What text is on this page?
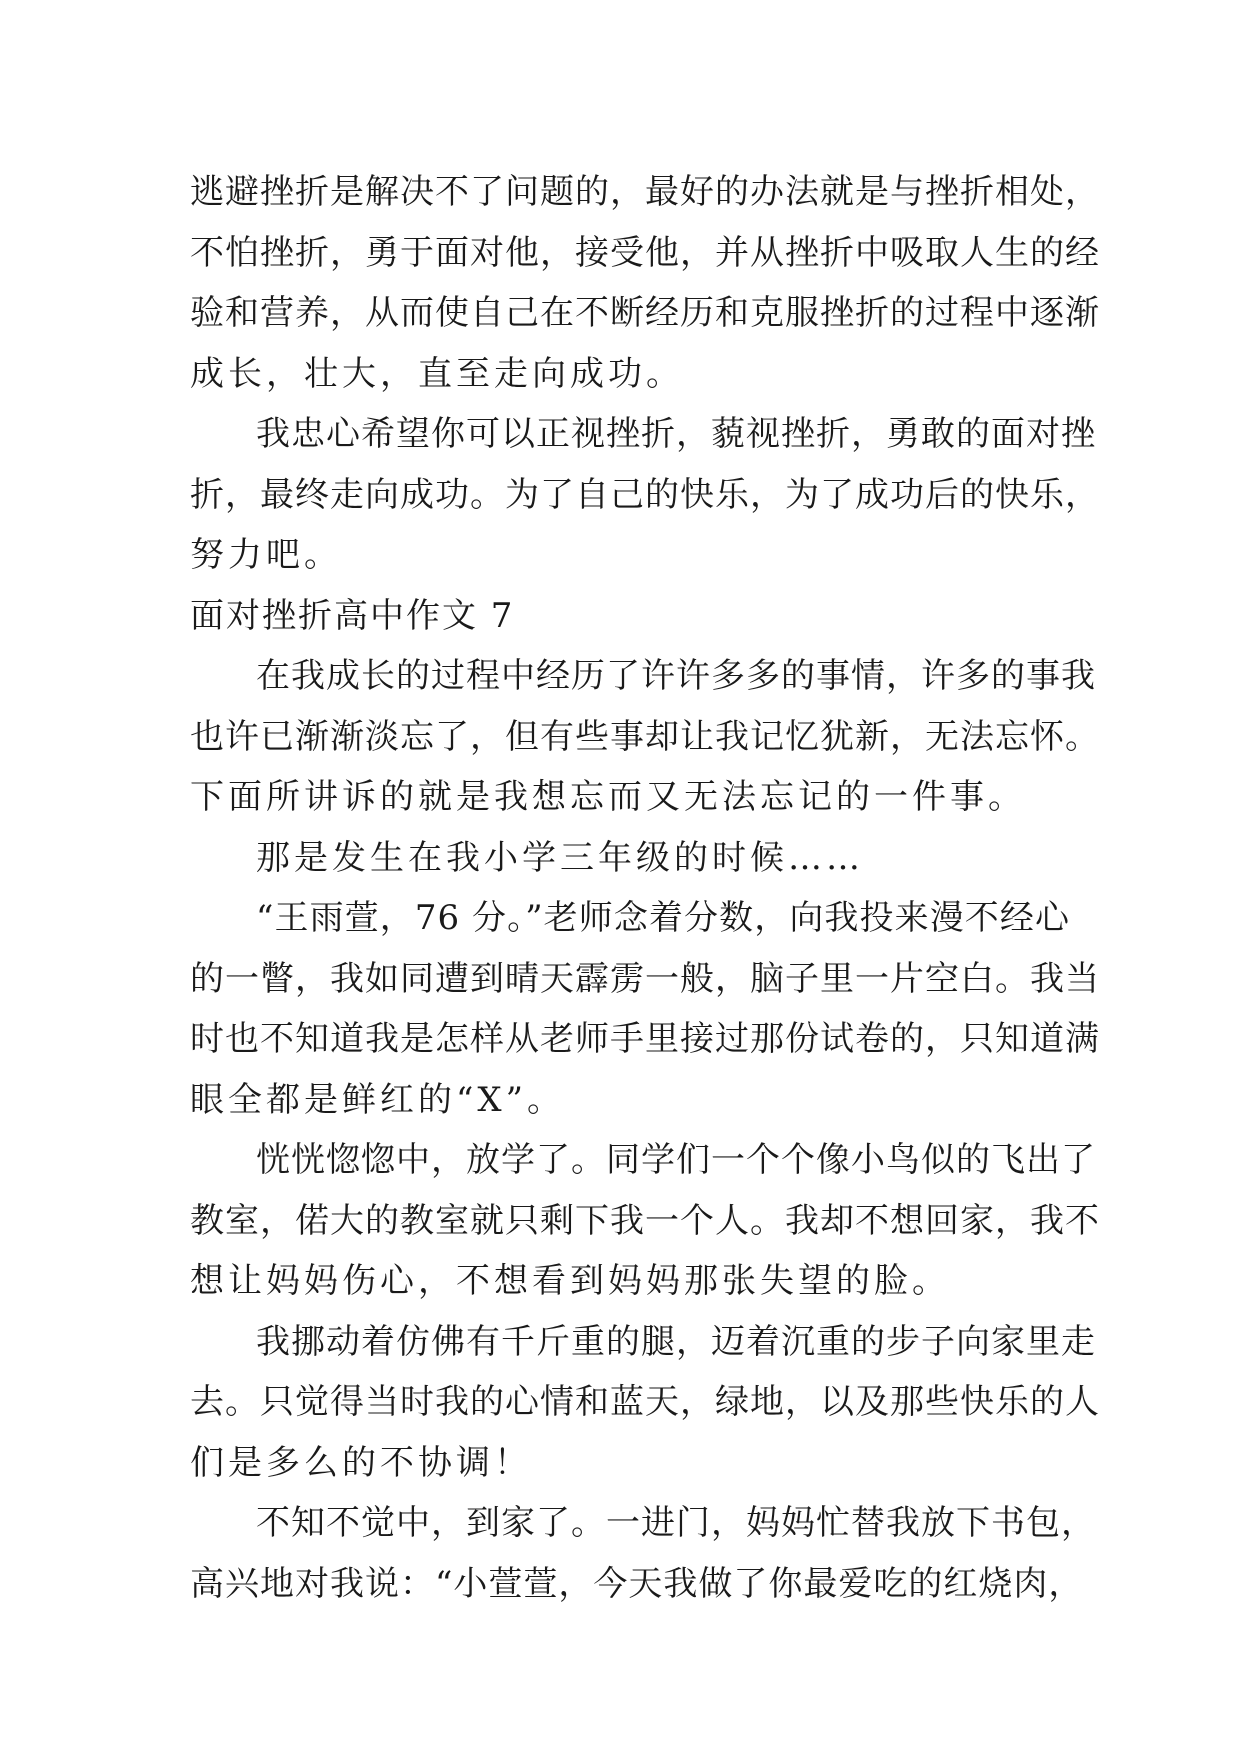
逃避挫折是解决不了问题的，最好的办法就是与挫折相处，
不怕挫折，勇于面对他，接受他，并从挫折中吸取人生的经
验和营养，从而使自己在不断经历和克服挫折的过程中逐渐
成长，壮大，直至走向成功。
我忠心希望你可以正视挫折，藐视挫折，勇敢的面对挫
折，最终走向成功。为了自己的快乐，为了成功后的快乐，
努力吧。
面对挫折高中作文 7
在我成长的过程中经历了许许多多的事情，许多的事我
也许已渐渐淡忘了，但有些事却让我记忆犹新，无法忘怀。
下面所讲诉的就是我想忘而又无法忘记的一件事。
那是发生在我小学三年级的时候……
“王雨萱，76 分。”老师念着分数，向我投来漫不经心
的一瞥，我如同遭到晴天霹雳一般，脑子里一片空白。我当
时也不知道我是怎样从老师手里接过那份试卷的，只知道满
眼全都是鲜红的“X”。
恍恍惚惚中，放学了。同学们一个个像小鸟似的飞出了
教室，偌大的教室就只剩下我一个人。我却不想回家，我不
想让妈妈伤心，不想看到妈妈那张失望的脸。
我挪动着仿佛有千斤重的腿，迈着沉重的步子向家里走
去。只觉得当时我的心情和蓝天，绿地，以及那些快乐的人
们是多么的不协调！
不知不觉中，到家了。一进门，妈妈忙替我放下书包，
高兴地对我说：“小萱萱，今天我做了你最爱吃的红烧肉，
